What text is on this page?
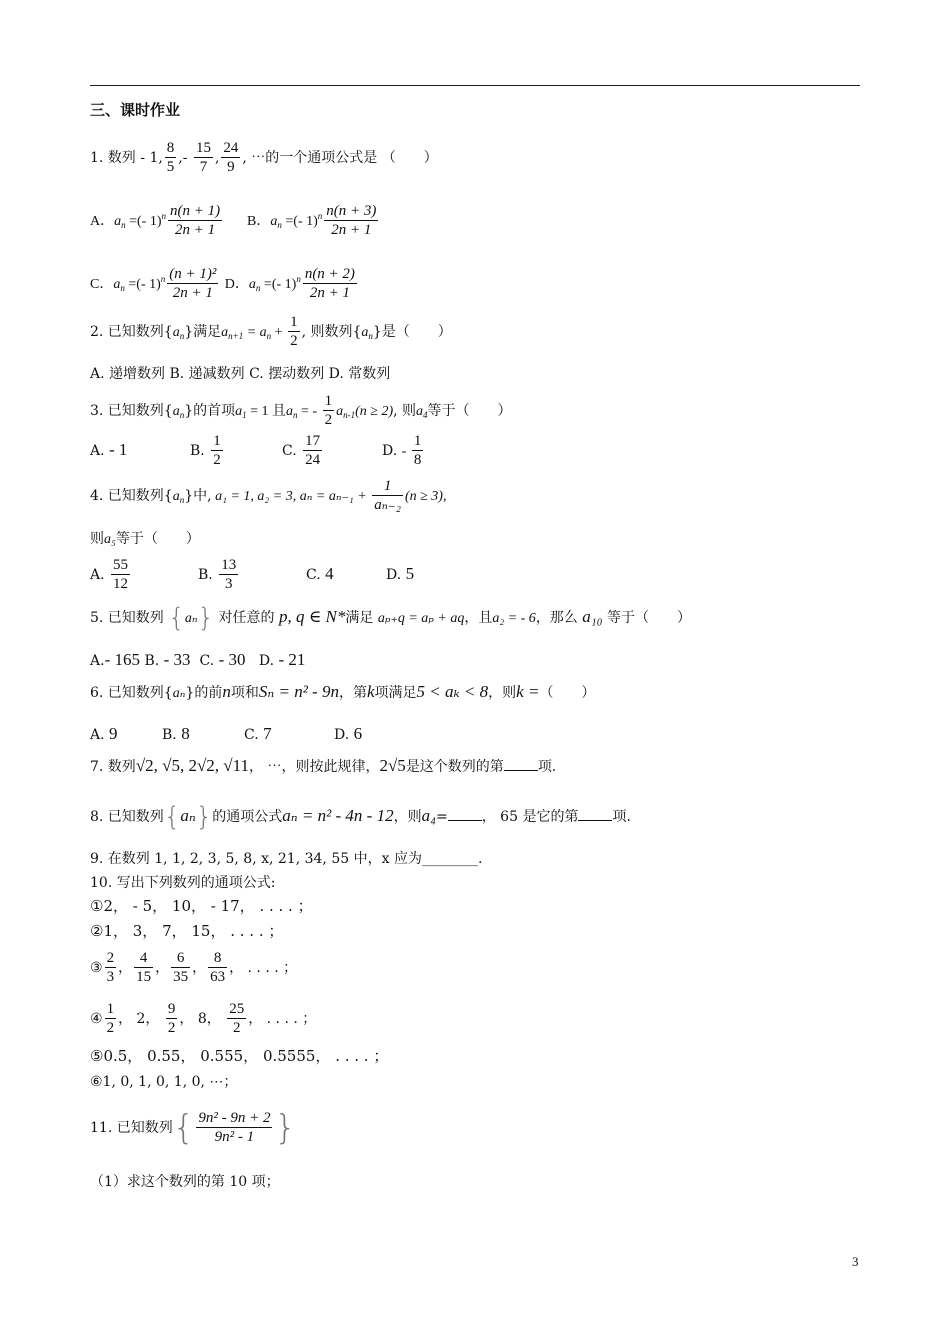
三、课时作业
1. 数列 - 1, $\frac{8}{5}$ ,- $\frac{15}{7}$ , $\frac{24}{9}$ , ⋯的一个通项公式是 （　　）
A．$a_n$ =(- $1)^n \frac{n(n + 1)}{2n + 1}$ B．$a_n$ =(- $1)^n \frac{n(n + 3)}{2n + 1}$
C．$a_n$ =(- $1)^n \frac{\text{(n + 1)²}}{2n + 1}$ D．$a_n$ =(- $1)^n \frac{n(n + 2)}{2n + 1}$
2. 已知数列$\{a_n\}$满足$a_{n+1} = a_n + \frac{1}{2}$ , 则数列$\{a_n\}$是（　　）
A. 递增数列 B. 递减数列 C. 摆动数列 D. 常数列
3. 已知数列$\{a_n\}$的首项$a_1 = 1$ 且$a_n$ = - $\frac{1}{2} a_{n-1}(n \ge 2)$, 则$a_4$等于（　　）
A. - 1	B. $\frac{1}{2}$	C. $\frac{17}{24}$	D. - $\frac{1}{8}$
4. 已知数列$\{a_n\}$中, a₁ = 1, a₂ = 3, $a_n = a_{n-1} + \frac{1}{\text{aₙ₋₂}} (n \ge 3)$,
则a₅等于（　　）
A. $\frac{55}{12}$	B. $\frac{13}{3}$	C. 4	D. 5
5. 已知数列 {aₙ} 对任意的 p, q ∈ N*满足 aₚ₊q = aₚ + aq，且a₂ = - 6，那么 a₁₀ 等于（　　）
A.- 165 B. - 33 C. - 30 D. - 21
6. 已知数列{aₙ}的前n项和Sₙ = n² - 9n，第k项满足5 < aₖ < 8，则k =（　　）
A. 9	B. 8	C. 7	D. 6
7. 数列√2, √5, 2√2, √11， ⋯，则按此规律，2√5是这个数列的第 项.
8. 已知数列{aₙ}的通项公式aₙ = n² - 4n - 12，则a₄= ， 65 是它的第 项.
9. 在数列 1, 1, 2, 3, 5, 8, x, 21, 34, 55 中，x 应为________.
10. 写出下列数列的通项公式:
①2， - 5， 10， - 17， . . . . ；
②1， 3， 7， 15， . . . . ；
③ $\frac{2}{3}$ ， $\frac{4}{15}$ ， $\frac{6}{35}$ ， $\frac{8}{63}$ ， . . . . ；
④ $\frac{1}{2}$ ， 2， $\frac{9}{2}$ ， 8， $\frac{25}{2}$ ， . . . . ；
⑤0.5， 0.55， 0.555， 0.5555， . . . . ；
⑥1, 0, 1, 0, 1, 0, ⋯；
11. 已知数列{ $\frac{\text{9n² - 9n + 2}}{\text{9n² - 1}}$ }
（1）求这个数列的第 10 项；
3
